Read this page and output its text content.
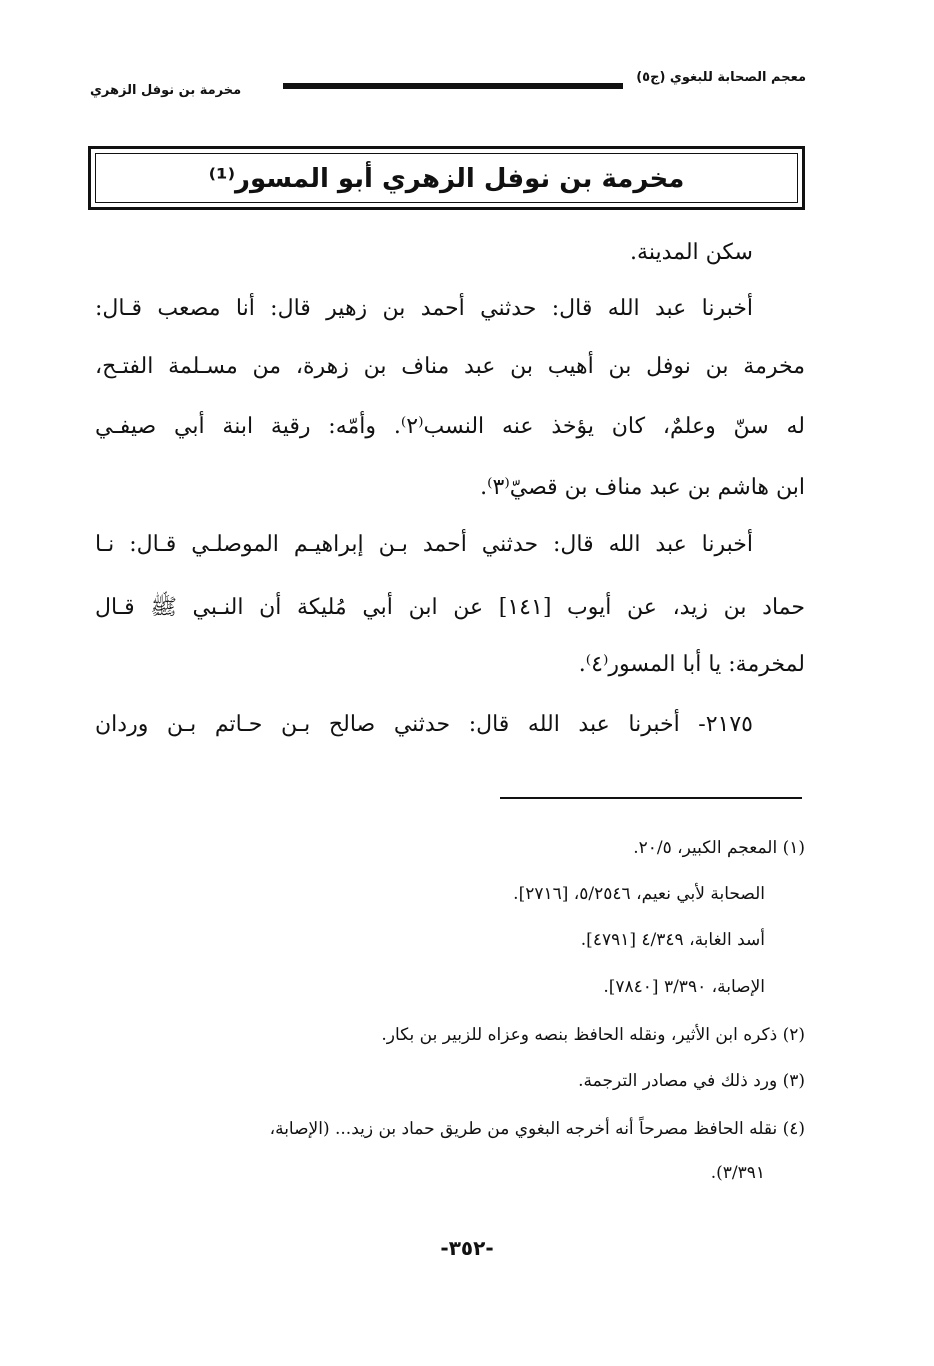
معجم الصحابة للبغوي (ج٥)
مخرمة بن نوفل الزهري
مخرمة بن نوفل الزهري أبو المسور⁽¹⁾
سكن المدينة.
أخبرنا عبد الله قال: حدثني أحمد بن زهير قال: أنا مصعب قـال:
مخرمة بن نوفل بن أهيب بن عبد مناف بن زهرة، من مسـلمة الفتـح،
له سنّ وعلمٌ، كان يؤخذ عنه النسب⁽٢⁾. وأمّه: رقية ابنة أبي صيفـي
ابن هاشم بن عبد مناف بن قصيّ⁽٣⁾.
أخبرنا عبد الله قال: حدثني أحمد بـن إبراهيـم الموصلـي قـال: نـا
حماد بن زيد، عن أيوب [١٤١] عن ابن أبي مُليكة أن النـبي ﷺ قـال
لمخرمة: يا أبا المسور⁽٤⁾.
٢١٧٥- أخبرنا عبد الله قال: حدثني صالح بـن حـاتم بـن وردان
(١) المعجم الكبير، ٢٠/٥.
الصحابة لأبي نعيم، ٥/٢٥٤٦، [٢٧١٦].
أسد الغابة، ٤/٣٤٩ [٤٧٩١].
الإصابة، ٣/٣٩٠ [٧٨٤٠].
(٢) ذكره ابن الأثير، ونقله الحافظ بنصه وعزاه للزبير بن بكار.
(٣) ورد ذلك في مصادر الترجمة.
(٤) نقله الحافظ مصرحاً أنه أخرجه البغوي من طريق حماد بن زيد... (الإصابة،
٣/٣٩١).
-٣٥٢-
